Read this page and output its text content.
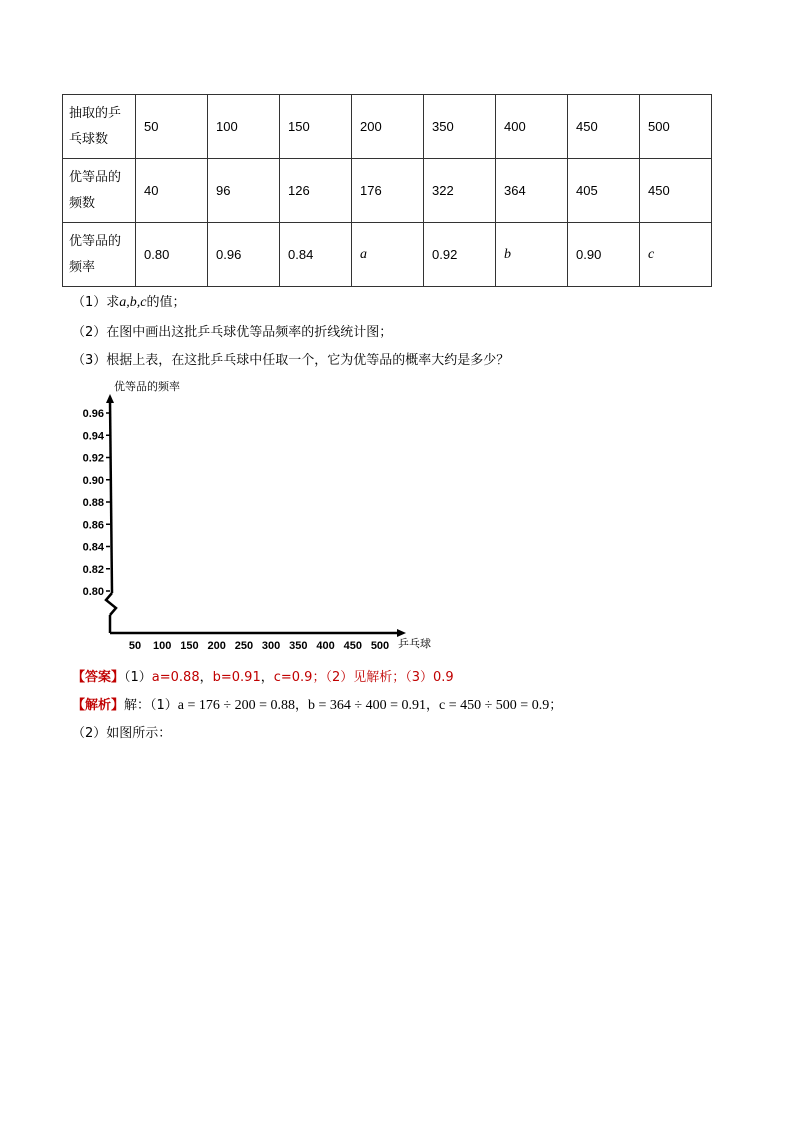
抽取的乒乓球数	50	100	150	200	350	400	450	500
优等品的频数	40	96	126	176	322	364	405	450
优等品的频率	0.80	0.96	0.84	a	0.92	b	0.90	c
（1）求a,b,c的值；
（2）在图中画出这批乒乓球优等品频率的折线统计图；
（3）根据上表，在这批乒乓球中任取一个，它为优等品的概率大约是多少？
0.96
0.94
0.92
0.90
0.88
0.86
0.84
0.82
0.80
50 100 150 200 250 300 350 400 450 500
优等品的频率
乒乓球
【答案】（1）a=0.88，b=0.91，c=0.9；（2）见解析；（3）0.9
【解析】解：（1）a = 176 ÷ 200 = 0.88，b = 364 ÷ 400 = 0.91，c = 450 ÷ 500 = 0.9；
（2）如图所示：
